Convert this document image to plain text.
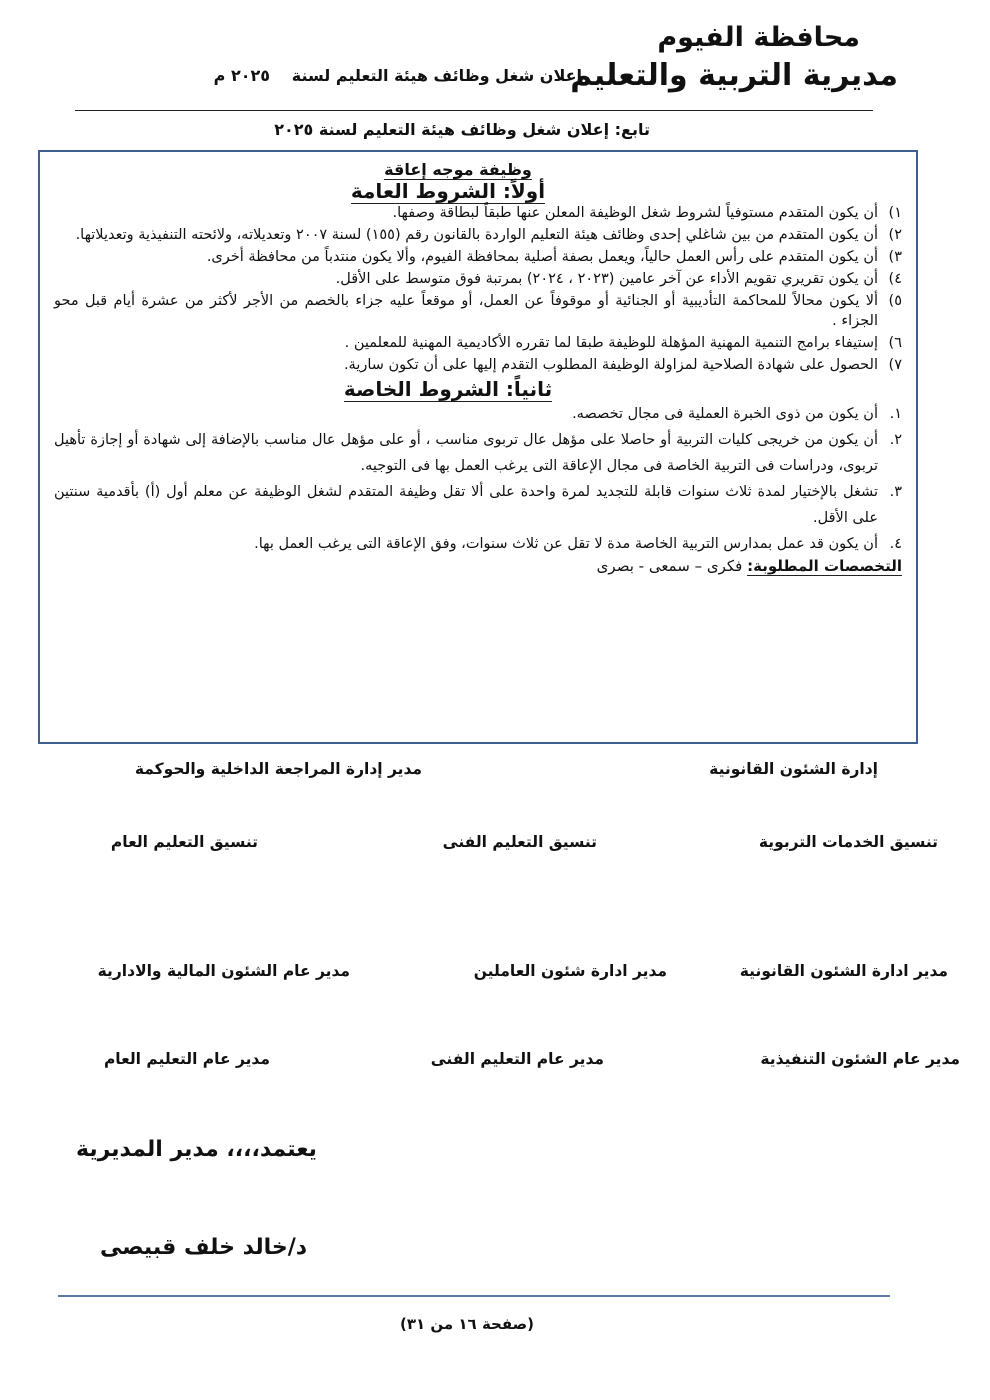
محافظة الفيوم
مديرية التربية والتعليم
إعلان شغل وظائف هيئة التعليم لسنة
٢٠٢٥ م
تابع: إعلان شغل وظائف هيئة التعليم لسنة ٢٠٢٥
وظيفة موجه إعاقة
أولاً: الشروط العامة
١)
أن يكون المتقدم مستوفياً لشروط شغل الوظيفة المعلن عنها طبقاً لبطاقة وصفها.
٢)
أن يكون المتقدم من بين شاغلي إحدى وظائف هيئة التعليم الواردة بالقانون رقم (١٥٥) لسنة ٢٠٠٧ وتعديلاته، ولائحته التنفيذية وتعديلاتها.
٣)
أن يكون المتقدم على رأس العمل حالياً، ويعمل بصفة أصلية بمحافظة الفيوم، وألا يكون منتدباً من محافظة أخرى.
٤)
أن يكون تقريري تقويم الأداء عن آخر عامين (٢٠٢٣ ، ٢٠٢٤) بمرتبة فوق متوسط على الأقل.
٥)
ألا يكون محالاً للمحاكمة التأديبية أو الجنائية أو موقوفاً عن العمل، أو موقعاً عليه جزاء بالخصم من الأجر لأكثر من عشرة أيام قبل محو الجزاء .
٦)
إستيفاء برامج التنمية المهنية المؤهلة للوظيفة طبقا لما تقرره الأكاديمية المهنية للمعلمين .
٧)
الحصول على شهادة الصلاحية لمزاولة الوظيفة المطلوب التقدم إليها على أن تكون سارية.
ثانياً: الشروط الخاصة
١.
أن يكون من ذوى الخبرة العملية فى مجال تخصصه.
٢.
أن يكون من خريجى كليات التربية أو حاصلا على مؤهل عال تربوى مناسب ، أو على مؤهل عال مناسب بالإضافة إلى شهادة أو إجازة تأهيل تربوى، ودراسات فى التربية الخاصة فى مجال الإعاقة التى يرغب العمل بها فى التوجيه.
٣.
تشغل بالإختيار لمدة ثلاث سنوات قابلة للتجديد لمرة واحدة على ألا تقل وظيفة المتقدم لشغل الوظيفة عن معلم أول (أ) بأقدمية سنتين على الأقل.
٤.
أن يكون قد عمل بمدارس التربية الخاصة مدة لا تقل عن ثلاث سنوات، وفق الإعاقة التى يرغب العمل بها.
التخصصات المطلوبة: فكرى – سمعى - بصرى
إدارة الشئون القانونية
مدير إدارة المراجعة الداخلية والحوكمة
تنسيق الخدمات التربوية
تنسيق التعليم الفنى
تنسيق التعليم العام
مدير ادارة الشئون القانونية
مدير ادارة شئون العاملين
مدير عام الشئون المالية والادارية
مدير عام الشئون التنفيذية
مدير عام التعليم الفنى
مدير عام التعليم العام
يعتمد،،،، مدير المديرية
د/خالد خلف قبيصى
(صفحة ١٦ من ٣١)
